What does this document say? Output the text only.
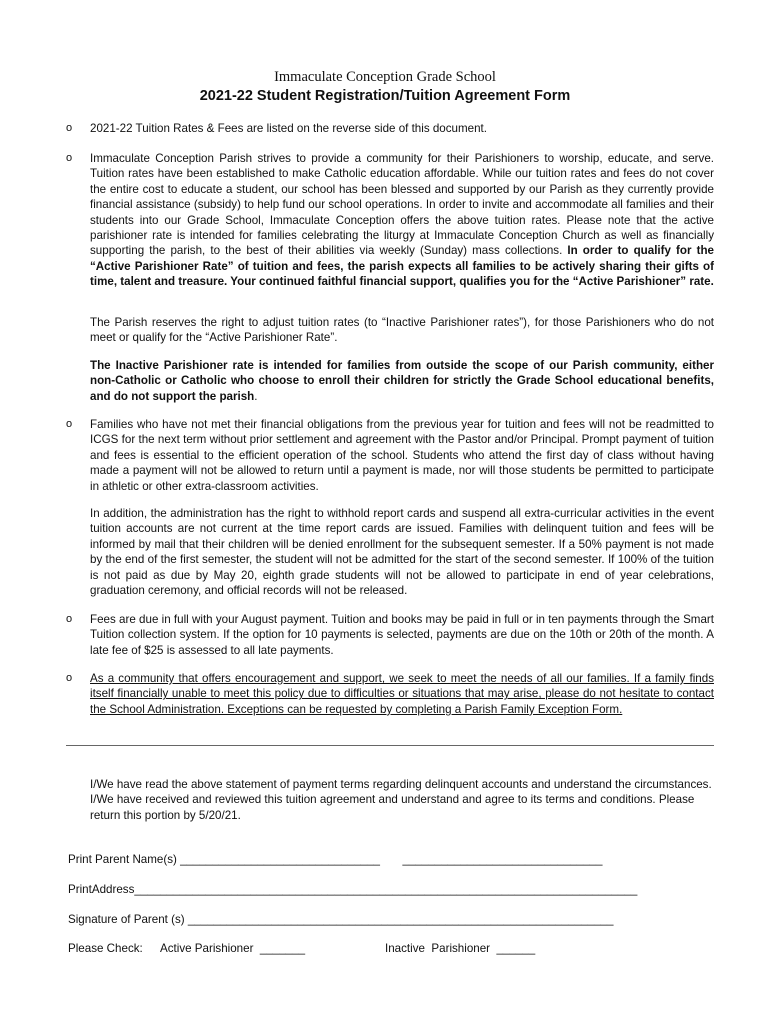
Immaculate Conception Grade School
2021-22 Student Registration/Tuition Agreement Form
o 2021-22 Tuition Rates & Fees are listed on the reverse side of this document.

o Immaculate Conception Parish strives to provide a community for their Parishioners to worship, educate, and serve. Tuition rates have been established to make Catholic education affordable. While our tuition rates and fees do not cover the entire cost to educate a student, our school has been blessed and supported by our Parish as they currently provide financial assistance (subsidy) to help fund our school operations. In order to invite and accommodate all families and their students into our Grade School, Immaculate Conception offers the above tuition rates. Please note that the active parishioner rate is intended for families celebrating the liturgy at Immaculate Conception Church as well as financially supporting the parish, to the best of their abilities via weekly (Sunday) mass collections. In order to qualify for the “Active Parishioner Rate” of tuition and fees, the parish expects all families to be actively sharing their gifts of time, talent and treasure. Your continued faithful financial support, qualifies you for the “Active Parishioner” rate.

The Parish reserves the right to adjust tuition rates (to “Inactive Parishioner rates”), for those Parishioners who do not meet or qualify for the “Active Parishioner Rate”.

The Inactive Parishioner rate is intended for families from outside the scope of our Parish community, either non-Catholic or Catholic who choose to enroll their children for strictly the Grade School educational benefits, and do not support the parish.

o Families who have not met their financial obligations from the previous year for tuition and fees will not be readmitted to ICGS for the next term without prior settlement and agreement with the Pastor and/or Principal. Prompt payment of tuition and fees is essential to the efficient operation of the school. Students who attend the first day of class without having made a payment will not be allowed to return until a payment is made, nor will those students be permitted to participate in athletic or other extra-classroom activities.

In addition, the administration has the right to withhold report cards and suspend all extra-curricular activities in the event tuition accounts are not current at the time report cards are issued. Families with delinquent tuition and fees will be informed by mail that their children will be denied enrollment for the subsequent semester. If a 50% payment is not made by the end of the first semester, the student will not be admitted for the start of the second semester. If 100% of the tuition is not paid as due by May 20, eighth grade students will not be allowed to participate in end of year celebrations, graduation ceremony, and official records will not be released.

o Fees are due in full with your August payment. Tuition and books may be paid in full or in ten payments through the Smart Tuition collection system. If the option for 10 payments is selected, payments are due on the 10th or 20th of the month. A late fee of $25 is assessed to all late payments.

o As a community that offers encouragement and support, we seek to meet the needs of all our families. If a family finds itself financially unable to meet this policy due to difficulties or situations that may arise, please do not hesitate to contact the School Administration. Exceptions can be requested by completing a Parish Family Exception Form.

I/We have read the above statement of payment terms regarding delinquent accounts and understand the circumstances. I/We have received and reviewed this tuition agreement and understand and agree to its terms and conditions. Please return this portion by 5/20/21.

Print Parent Name(s) _______________________________       _______________________________
PrintAddress______________________________________________________________________________
Signature of Parent (s) __________________________________________________________________
Please Check: Active Parishioner  _______	Inactive  Parishioner  ______
